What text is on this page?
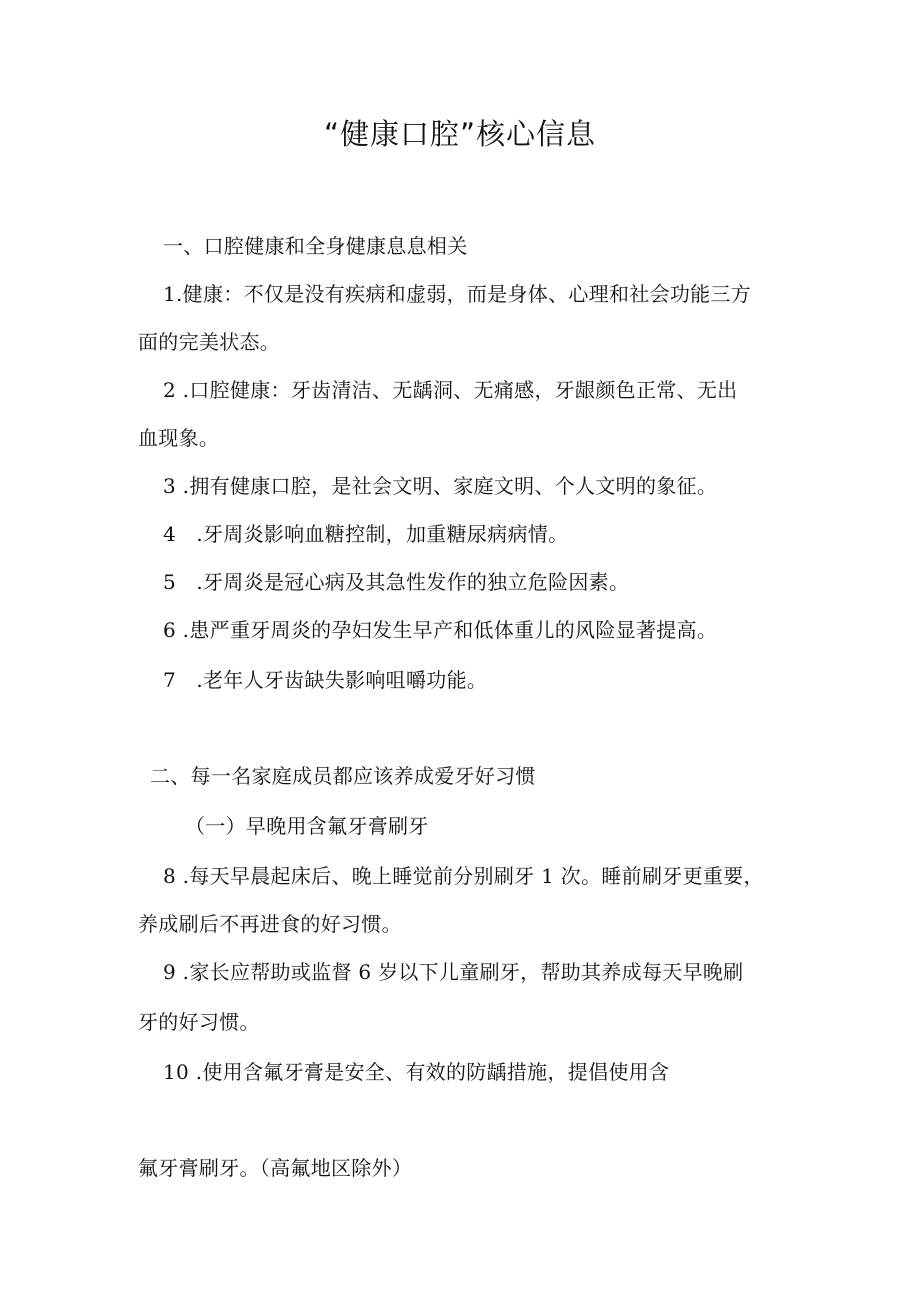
“健康口腔”核心信息
一、口腔健康和全身健康息息相关
1.健康：不仅是没有疾病和虚弱，而是身体、心理和社会功能三方
面的完美状态。
2 .口腔健康：牙齿清洁、无龋洞、无痛感，牙龈颜色正常、无出
血现象。
3 .拥有健康口腔，是社会文明、家庭文明、个人文明的象征。
4　.牙周炎影响血糖控制，加重糖尿病病情。
5　.牙周炎是冠心病及其急性发作的独立危险因素。
6 .患严重牙周炎的孕妇发生早产和低体重儿的风险显著提高。
7　.老年人牙齿缺失影响咀嚼功能。
二、每一名家庭成员都应该养成爱牙好习惯
（一）早晚用含氟牙膏刷牙
8 .每天早晨起床后、晚上睡觉前分别刷牙 1 次。睡前刷牙更重要，
养成刷后不再进食的好习惯。
9 .家长应帮助或监督 6 岁以下儿童刷牙，帮助其养成每天早晚刷
牙的好习惯。
10 .使用含氟牙膏是安全、有效的防龋措施，提倡使用含
氟牙膏刷牙。（高氟地区除外）
